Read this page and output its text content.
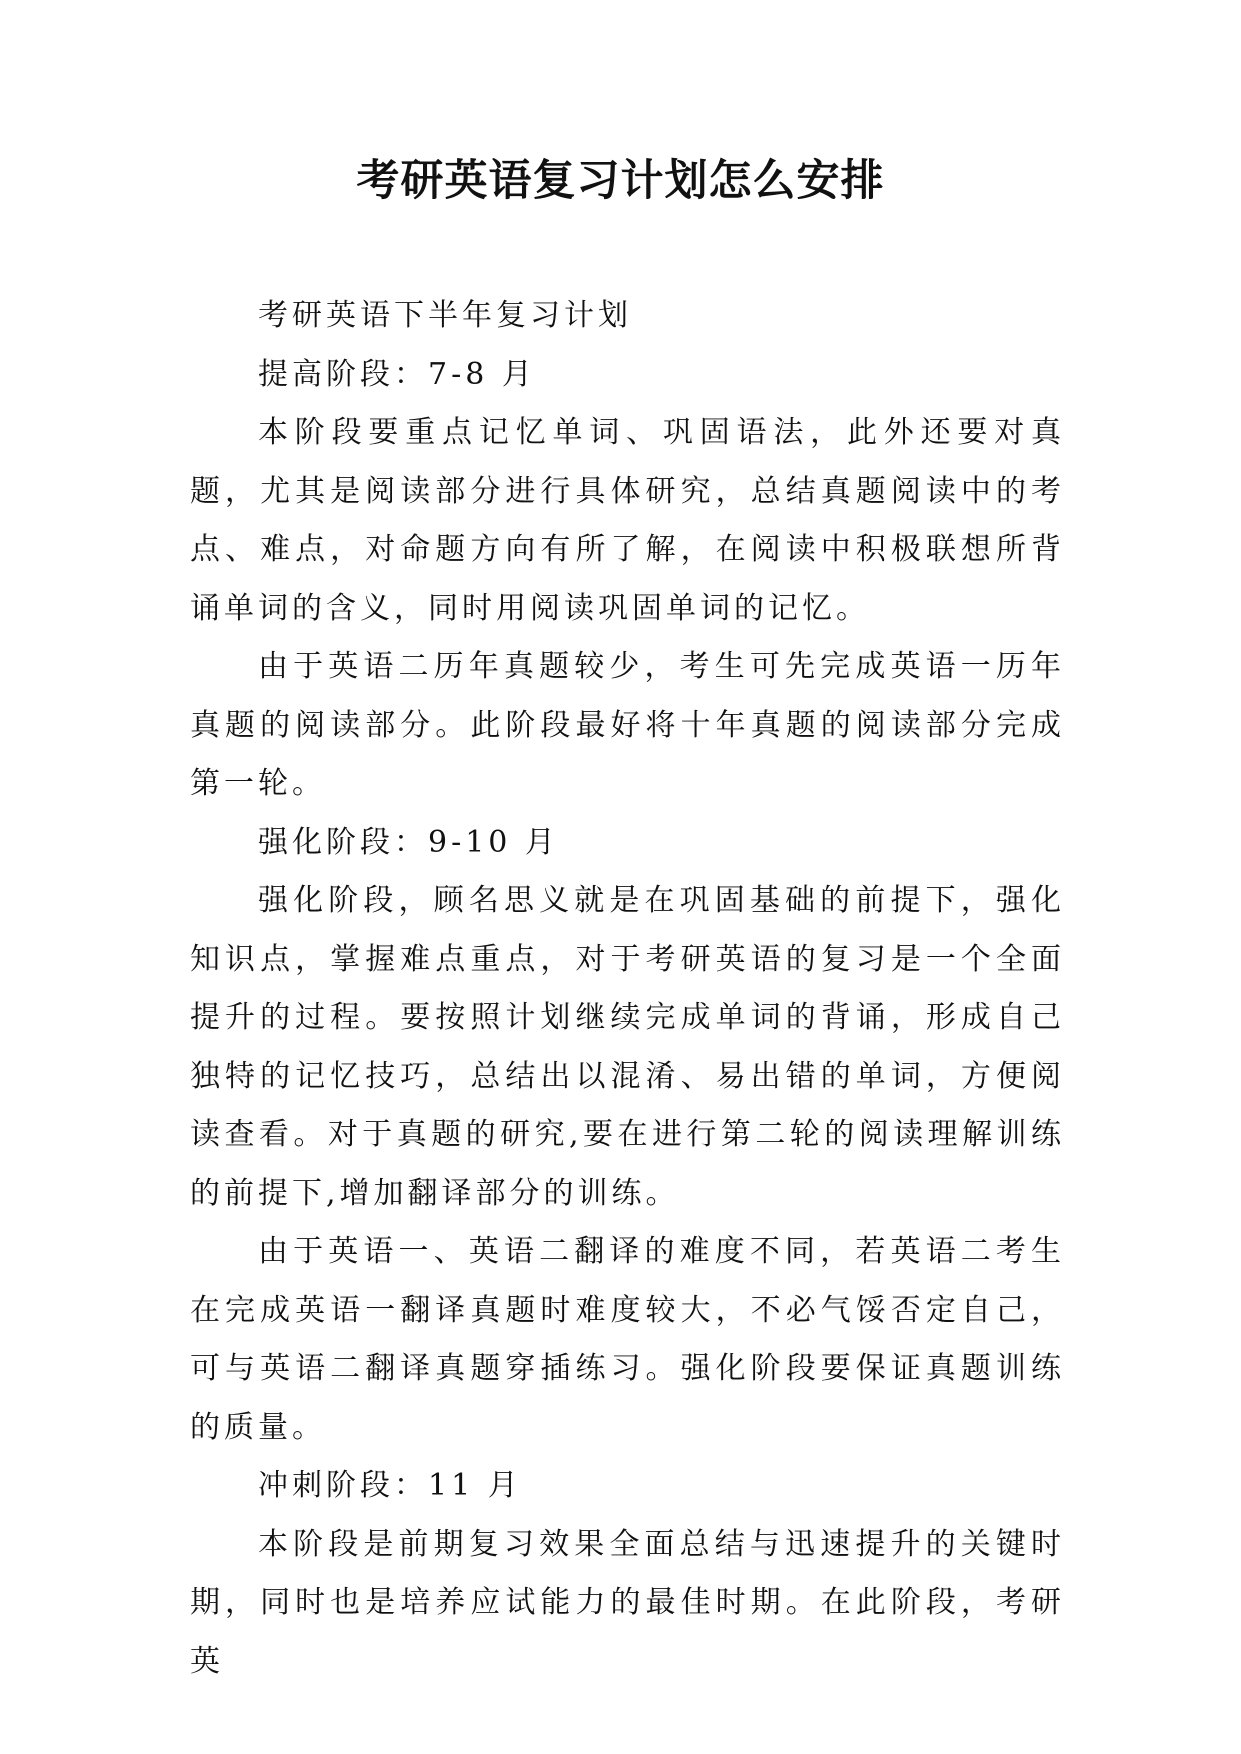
考研英语复习计划怎么安排

考研英语下半年复习计划

提高阶段：7-8 月

本阶段要重点记忆单词、巩固语法，此外还要对真题，尤其是阅读部分进行具体研究，总结真题阅读中的考点、难点，对命题方向有所了解，在阅读中积极联想所背诵单词的含义，同时用阅读巩固单词的记忆。

由于英语二历年真题较少，考生可先完成英语一历年真题的阅读部分。此阶段最好将十年真题的阅读部分完成第一轮。

强化阶段：9-10 月

强化阶段，顾名思义就是在巩固基础的前提下，强化知识点，掌握难点重点，对于考研英语的复习是一个全面提升的过程。要按照计划继续完成单词的背诵，形成自己独特的记忆技巧，总结出以混淆、易出错的单词，方便阅读查看。对于真题的研究,要在进行第二轮的阅读理解训练的前提下,增加翻译部分的训练。

由于英语一、英语二翻译的难度不同，若英语二考生在完成英语一翻译真题时难度较大，不必气馁否定自己，可与英语二翻译真题穿插练习。强化阶段要保证真题训练的质量。

冲刺阶段：11 月

本阶段是前期复习效果全面总结与迅速提升的关键时期，同时也是培养应试能力的最佳时期。在此阶段，考研英
